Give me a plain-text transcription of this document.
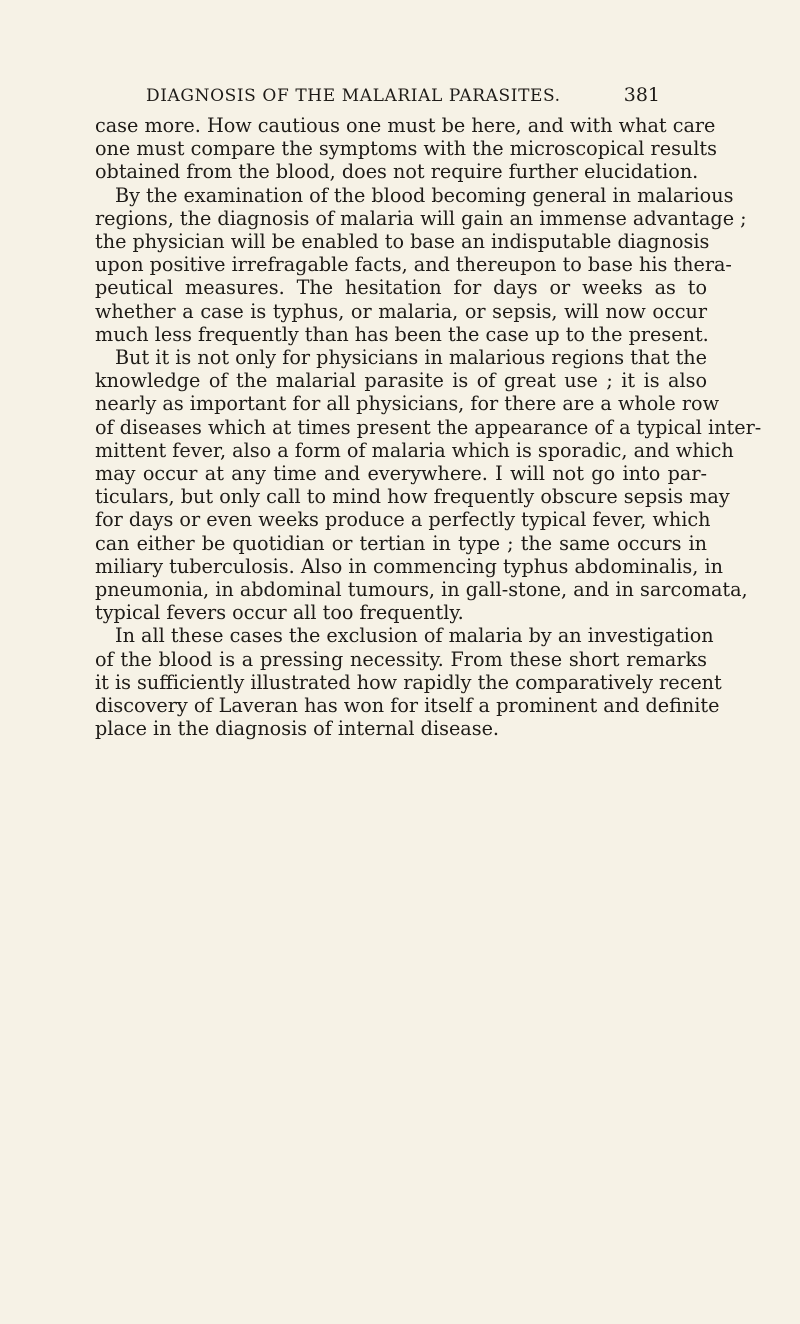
DIAGNOSIS OF THE MALARIAL PARASITES.	381
case more. How cautious one must be here, and with what care
one must compare the symptoms with the microscopical results
obtained from the blood, does not require further elucidation.
By the examination of the blood becoming general in malarious
regions, the diagnosis of malaria will gain an immense advantage ;
the physician will be enabled to base an indisputable diagnosis
upon positive irrefragable facts, and thereupon to base his thera-
peutical measures. The hesitation for days or weeks as to
whether a case is typhus, or malaria, or sepsis, will now occur
much less frequently than has been the case up to the present.
But it is not only for physicians in malarious regions that the
knowledge of the malarial parasite is of great use ; it is also
nearly as important for all physicians, for there are a whole row
of diseases which at times present the appearance of a typical inter-
mittent fever, also a form of malaria which is sporadic, and which
may occur at any time and everywhere. I will not go into par-
ticulars, but only call to mind how frequently obscure sepsis may
for days or even weeks produce a perfectly typical fever, which
can either be quotidian or tertian in type ; the same occurs in
miliary tuberculosis. Also in commencing typhus abdominalis, in
pneumonia, in abdominal tumours, in gall-stone, and in sarcomata,
typical fevers occur all too frequently.
In all these cases the exclusion of malaria by an investigation
of the blood is a pressing necessity. From these short remarks
it is sufficiently illustrated how rapidly the comparatively recent
discovery of Laveran has won for itself a prominent and definite
place in the diagnosis of internal disease.
